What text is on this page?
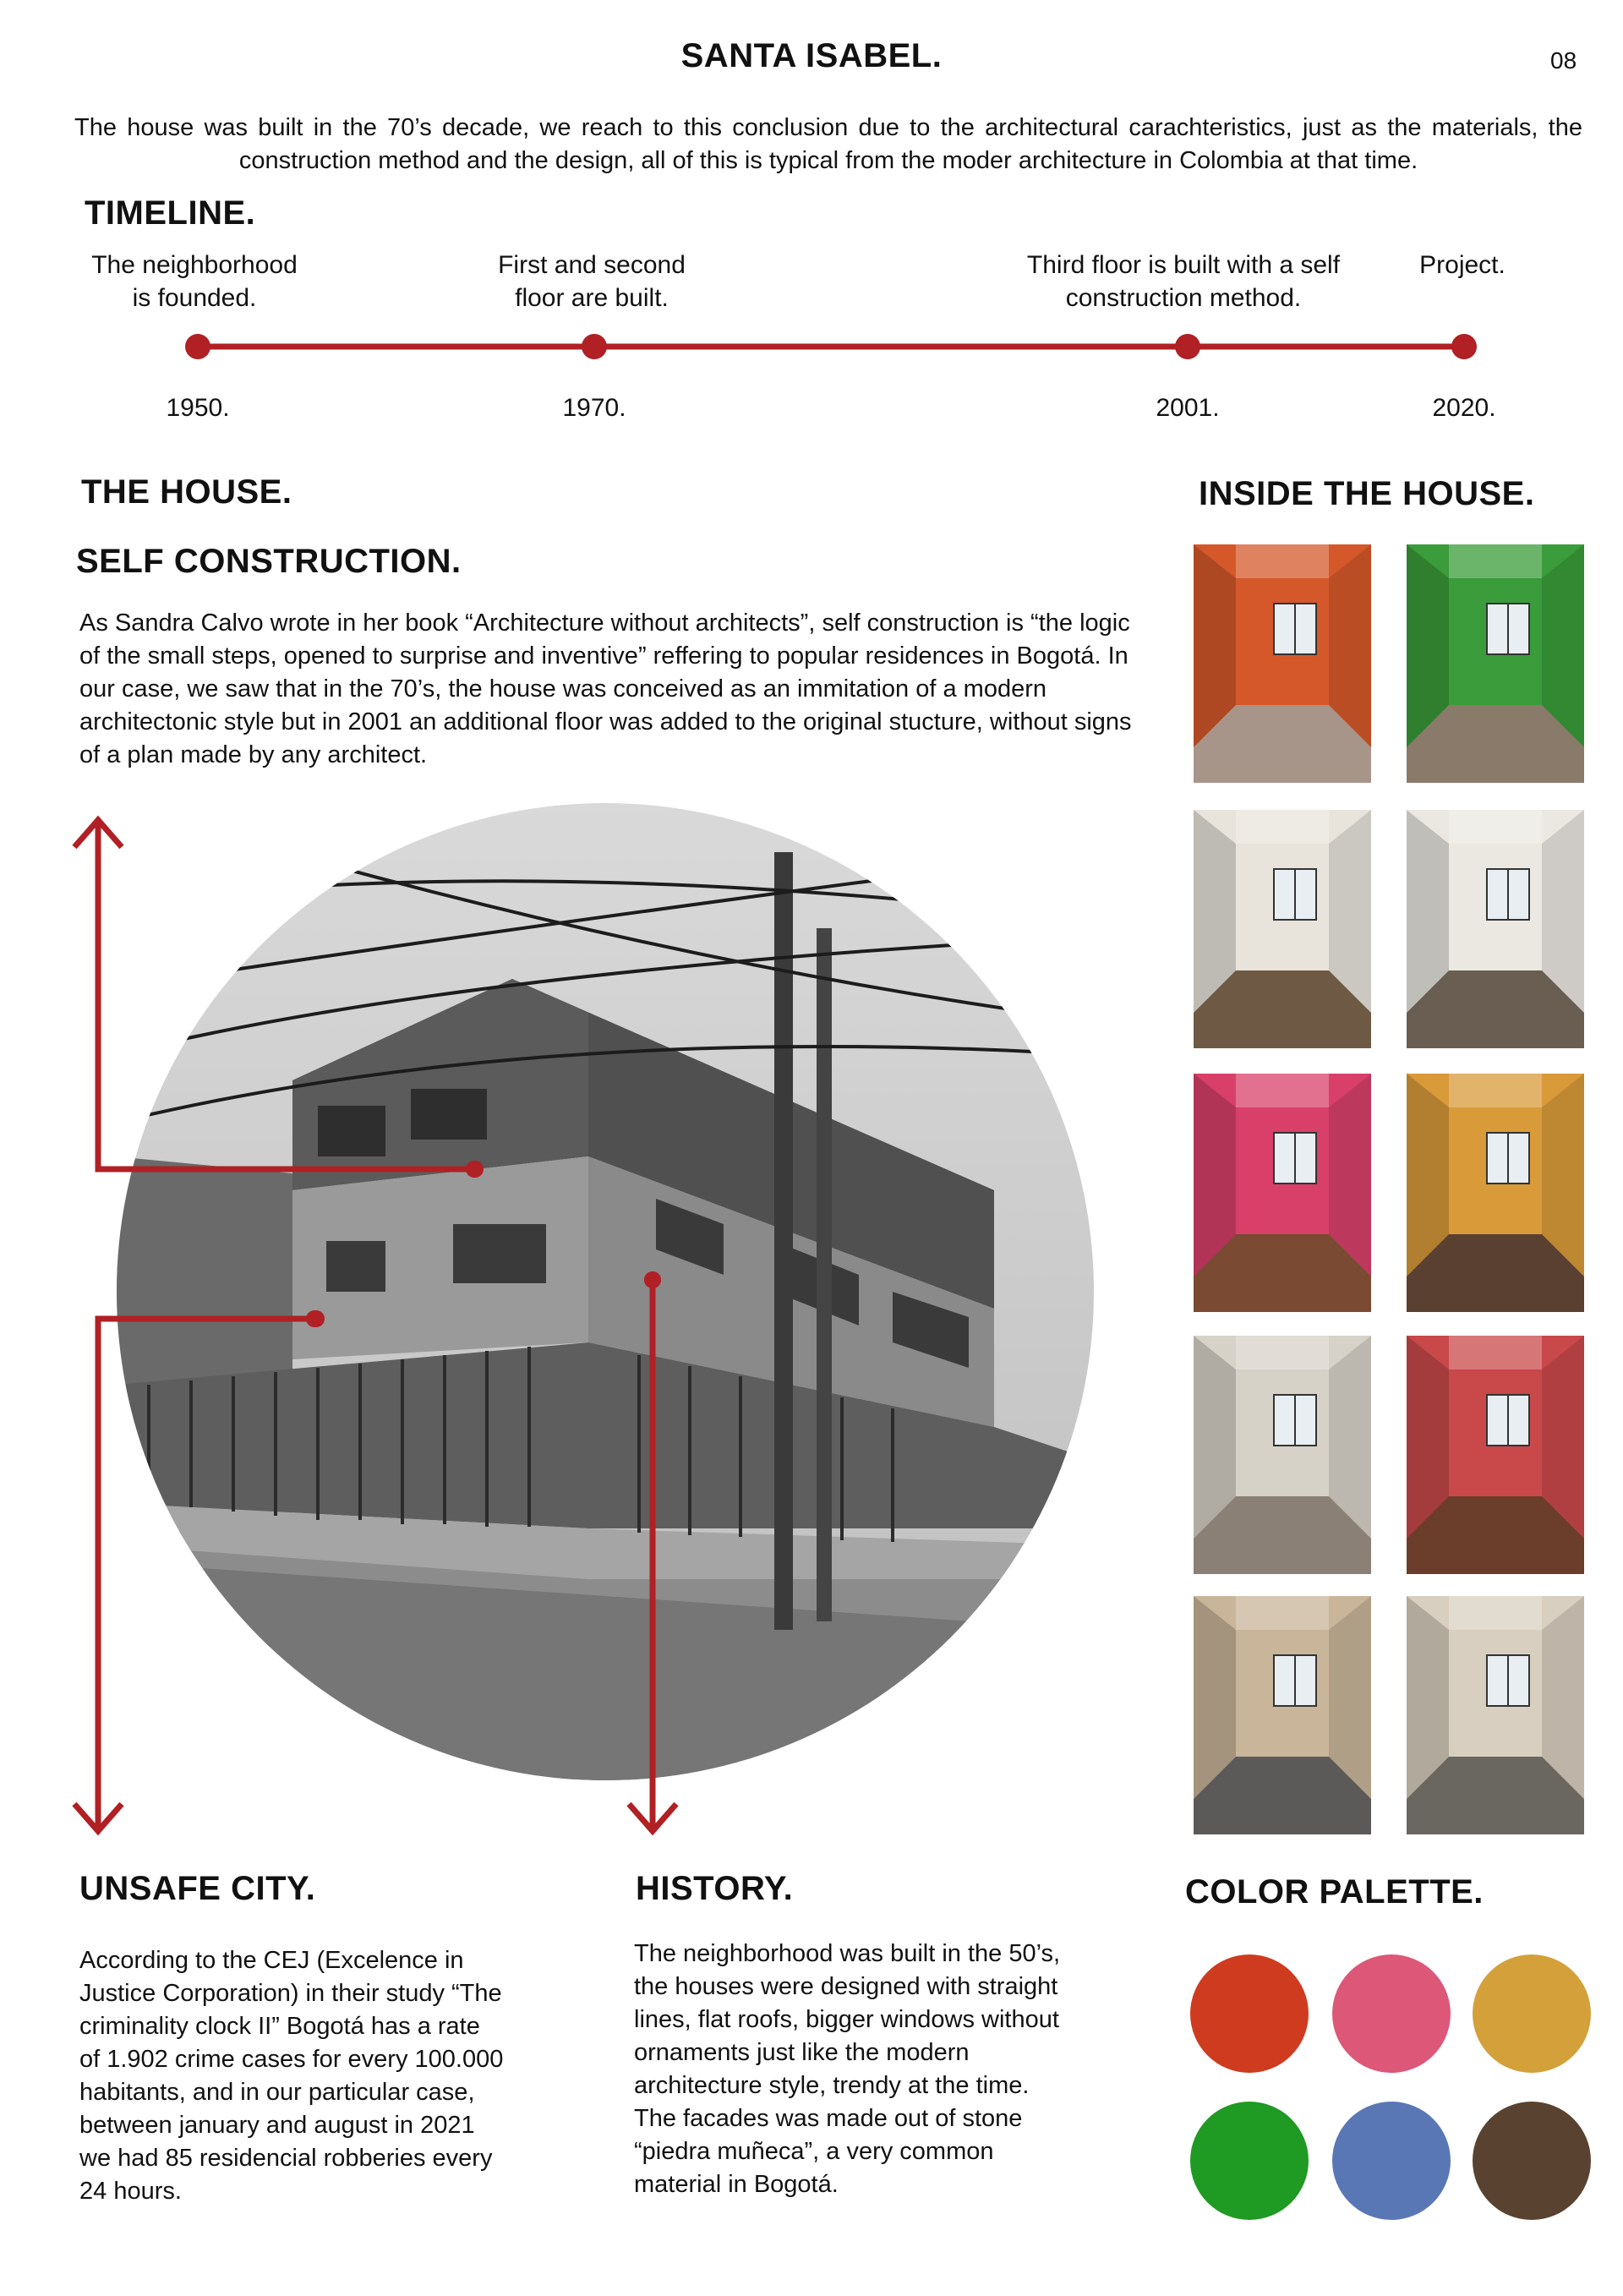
SANTA ISABEL.	08
The house was built in the 70’s decade, we reach to this conclusion due to the architectural carachteristics, just as the materials, the construction method and the design, all of this is typical from the moder architecture in Colombia at that time.
TIMELINE.
The neighborhood
is founded.
First and second
floor are built.
Third floor is built with a self
construction method.
Project.
1950.	1970.	2001.	2020.
THE HOUSE.
SELF CONSTRUCTION.
As Sandra Calvo wrote in her book “Architecture without architects”, self construction is “the logic of the small steps, opened to surprise and inventive” reffering to popular residences in Bogotá. In our case, we saw that in the 70’s, the house was conceived as an immitation of a modern architectonic style but in 2001 an additional floor was added to the original stucture, without signs of a plan made by any architect.
INSIDE THE HOUSE.
UNSAFE CITY.
According to the CEJ (Excelence in
Justice Corporation) in their study “The
criminality clock II” Bogotá has a rate
of 1.902 crime cases for every 100.000
habitants, and in our particular case,
between january and august in 2021
we had 85 residencial robberies every
24 hours.
HISTORY.
The neighborhood was built in the 50’s,
the houses were designed with straight
lines, flat roofs, bigger windows without
ornaments just like the modern
architecture style, trendy at the time.
The facades was made out of stone
“piedra muñeca”, a very common
material in Bogotá.
COLOR PALETTE.
